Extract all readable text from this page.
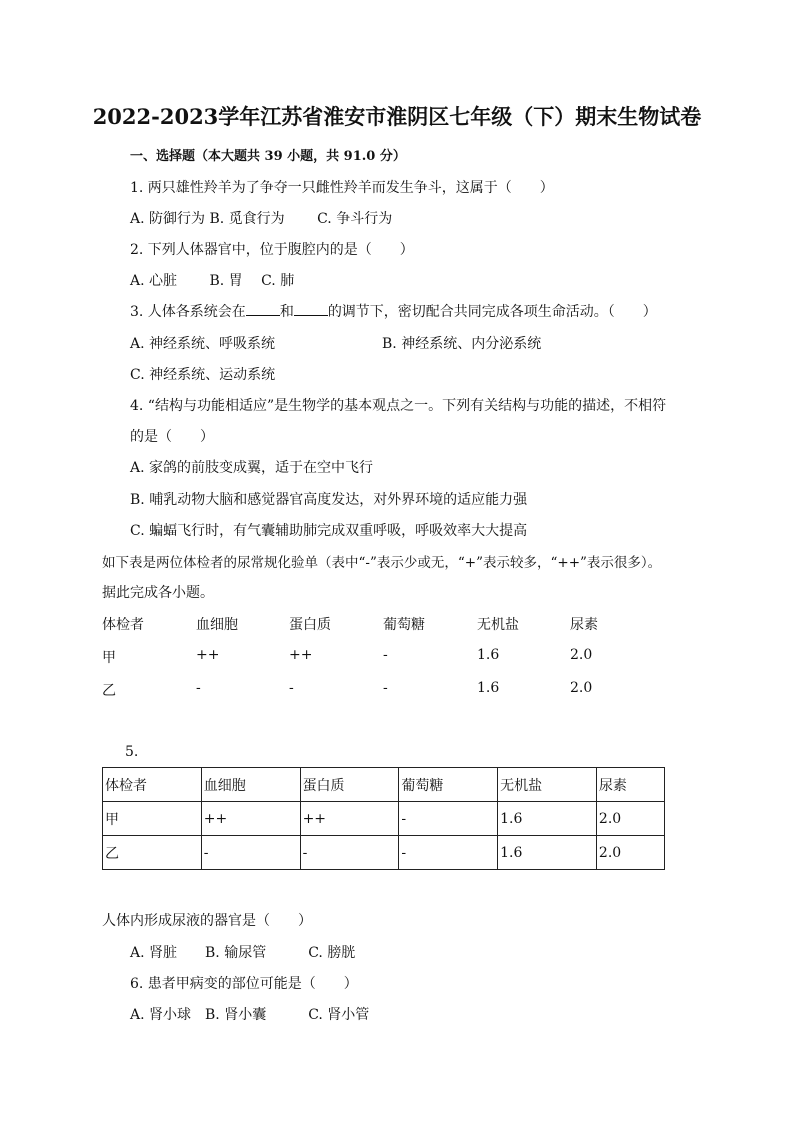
2022-2023学年江苏省淮安市淮阴区七年级（下）期末生物试卷
一、选择题（本大题共 39 小题，共 91.0 分）
1. 两只雄性羚羊为了争夺一只雌性羚羊而发生争斗，这属于（　　）
A. 防御行为 B. 觅食行为　　 C. 争斗行为
2. 下列人体器官中，位于腹腔内的是（　　）
A. 心脏　　 B. 胃　 C. 肺
3. 人体各系统会在 和 的调节下，密切配合共同完成各项生命活动。（　　）
A. 神经系统、呼吸系统	B. 神经系统、内分泌系统
C. 神经系统、运动系统
4. “结构与功能相适应”是生物学的基本观点之一。下列有关结构与功能的描述，不相符
的是（　　）
A. 家鸽的前肢变成翼，适于在空中飞行
B. 哺乳动物大脑和感觉器官高度发达，对外界环境的适应能力强
C. 蝙蝠飞行时，有气囊辅助肺完成双重呼吸，呼吸效率大大提高
如下表是两位体检者的尿常规化验单（表中“-”表示少或无，“+”表示较多，“++”表示很多）。
据此完成各小题。
体检者	血细胞	蛋白质	葡萄糖	无机盐	尿素
甲	++	++	-	1.6	2.0
乙	-	-	-	1.6	2.0
5.
体检者	血细胞	蛋白质	葡萄糖	无机盐	尿素
甲	++	++	-	1.6	2.0
乙	-	-	-	1.6	2.0
人体内形成尿液的器官是（　　）
A. 肾脏　　B. 输尿管　　　C. 膀胱
6. 患者甲病变的部位可能是（　　）
A. 肾小球　B. 肾小囊　　　C. 肾小管
